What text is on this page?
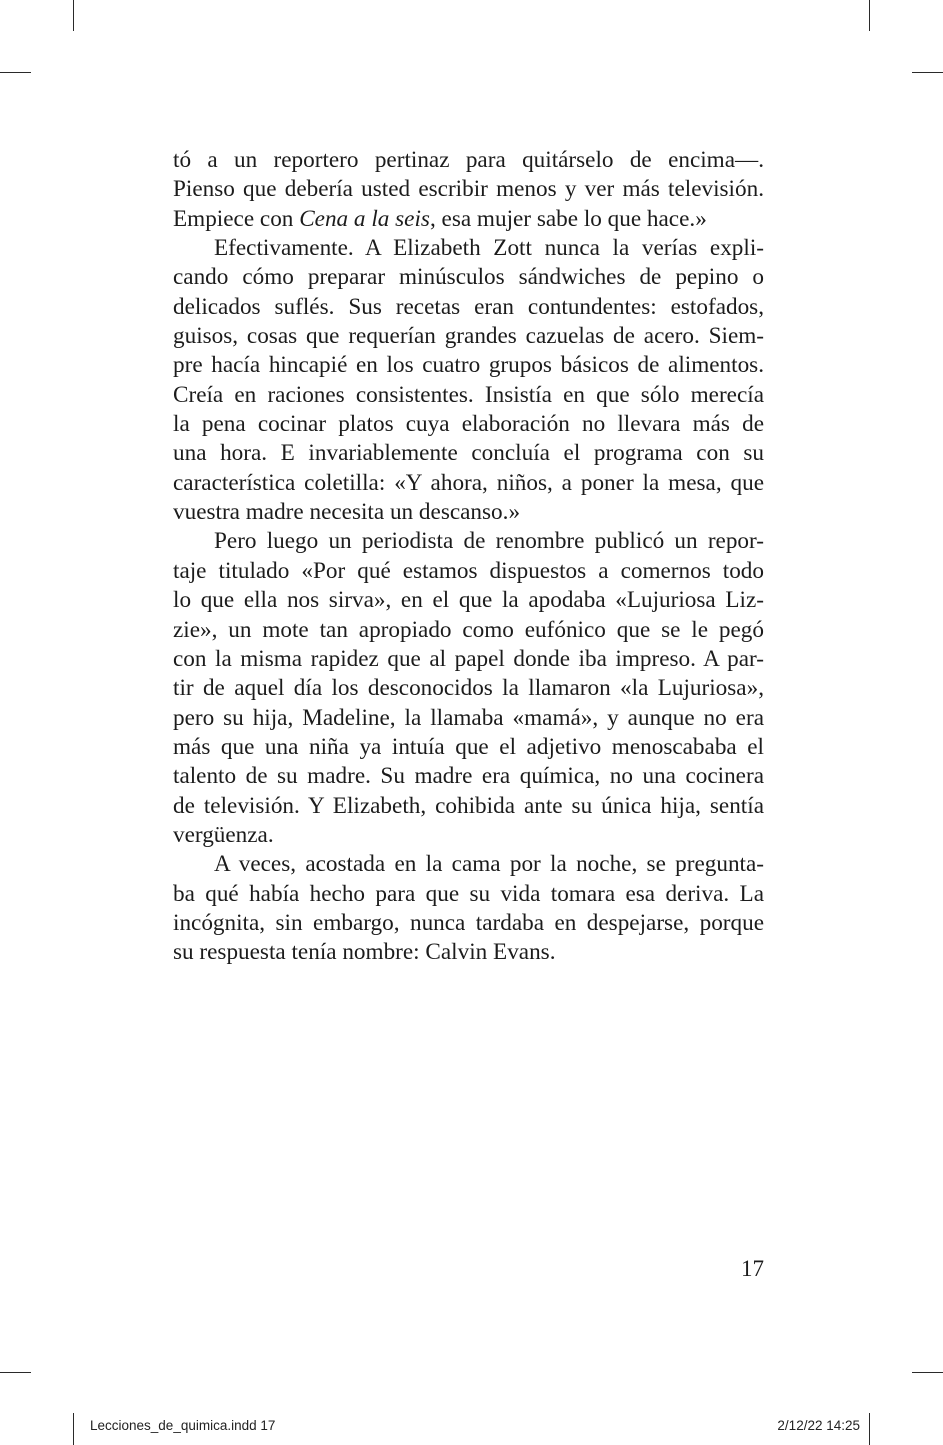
tó a un reportero pertinaz para quitárselo de encima—.
Pienso que debería usted escribir menos y ver más televisión.
Empiece con Cena a la seis, esa mujer sabe lo que hace.»
Efectivamente. A Elizabeth Zott nunca la verías expli-
cando cómo preparar minúsculos sándwiches de pepino o
delicados suflés. Sus recetas eran contundentes: estofados,
guisos, cosas que requerían grandes cazuelas de acero. Siem-
pre hacía hincapié en los cuatro grupos básicos de alimentos.
Creía en raciones consistentes. Insistía en que sólo merecía
la pena cocinar platos cuya elaboración no llevara más de
una hora. E invariablemente concluía el programa con su
característica coletilla: «Y ahora, niños, a poner la mesa, que
vuestra madre necesita un descanso.»
Pero luego un periodista de renombre publicó un repor-
taje titulado «Por qué estamos dispuestos a comernos todo
lo que ella nos sirva», en el que la apodaba «Lujuriosa Liz-
zie», un mote tan apropiado como eufónico que se le pegó
con la misma rapidez que al papel donde iba impreso. A par-
tir de aquel día los desconocidos la llamaron «la Lujuriosa»,
pero su hija, Madeline, la llamaba «mamá», y aunque no era
más que una niña ya intuía que el adjetivo menoscababa el
talento de su madre. Su madre era química, no una cocinera
de televisión. Y Elizabeth, cohibida ante su única hija, sentía
vergüenza.
A veces, acostada en la cama por la noche, se pregunta-
ba qué había hecho para que su vida tomara esa deriva. La
incógnita, sin embargo, nunca tardaba en despejarse, porque
su respuesta tenía nombre: Calvin Evans.
17
Lecciones_de_quimica.indd 17	2/12/22 14:25
